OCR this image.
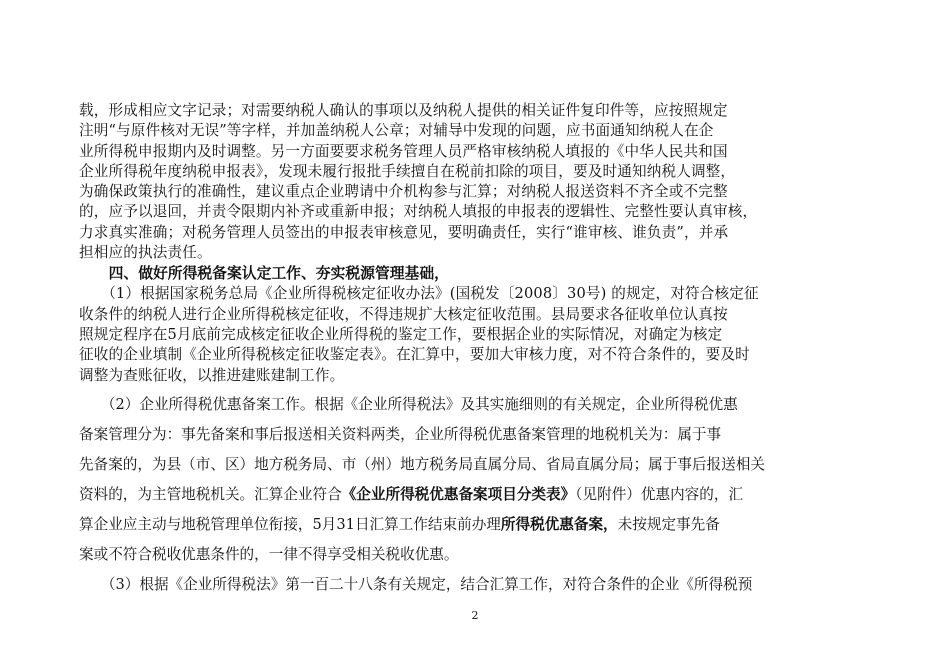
载，形成相应文字记录；对需要纳税人确认的事项以及纳税人提供的相关证件复印件等，应按照规定
注明“与原件核对无误”等字样，并加盖纳税人公章；对辅导中发现的问题，应书面通知纳税人在企
业所得税申报期内及时调整。另一方面要要求税务管理人员严格审核纳税人填报的《中华人民共和国
企业所得税年度纳税申报表》，发现未履行报批手续擅自在税前扣除的项目，要及时通知纳税人调整，
为确保政策执行的准确性，建议重点企业聘请中介机构参与汇算；对纳税人报送资料不齐全或不完整
的，应予以退回，并责令限期内补齐或重新申报；对纳税人填报的申报表的逻辑性、完整性要认真审核，
力求真实准确；对税务管理人员签出的申报表审核意见，要明确责任，实行“谁审核、谁负责”，并承
担相应的执法责任。

　　四、做好所得税备案认定工作、夯实税源管理基础，

　　（1）根据国家税务总局《企业所得税核定征收办法》(国税发〔2008〕30号) 的规定，对符合核定征
收条件的纳税人进行企业所得税核定征收，不得违规扩大核定征收范围。县局要求各征收单位认真按
照规定程序在5月底前完成核定征收企业所得税的鉴定工作，要根据企业的实际情况，对确定为核定
征收的企业填制《企业所得税核定征收鉴定表》。在汇算中，要加大审核力度，对不符合条件的，要及时
调整为查账征收，以推进建账建制工作。

　　（2）企业所得税优惠备案工作。根据《企业所得税法》及其实施细则的有关规定，企业所得税优惠
备案管理分为：事先备案和事后报送相关资料两类，企业所得税优惠备案管理的地税机关为：属于事
先备案的，为县（市、区）地方税务局、市（州）地方税务局直属分局、省局直属分局；属于事后报送相关
资料的，为主管地税机关。汇算企业符合《企业所得税优惠备案项目分类表》（见附件）优惠内容的，汇
算企业应主动与地税管理单位衔接，5月31日汇算工作结束前办理所得税优惠备案，未按规定事先备
案或不符合税收优惠条件的，一律不得享受相关税收优惠。

　　（3）根据《企业所得税法》第一百二十八条有关规定，结合汇算工作，对符合条件的企业《所得税预

2
